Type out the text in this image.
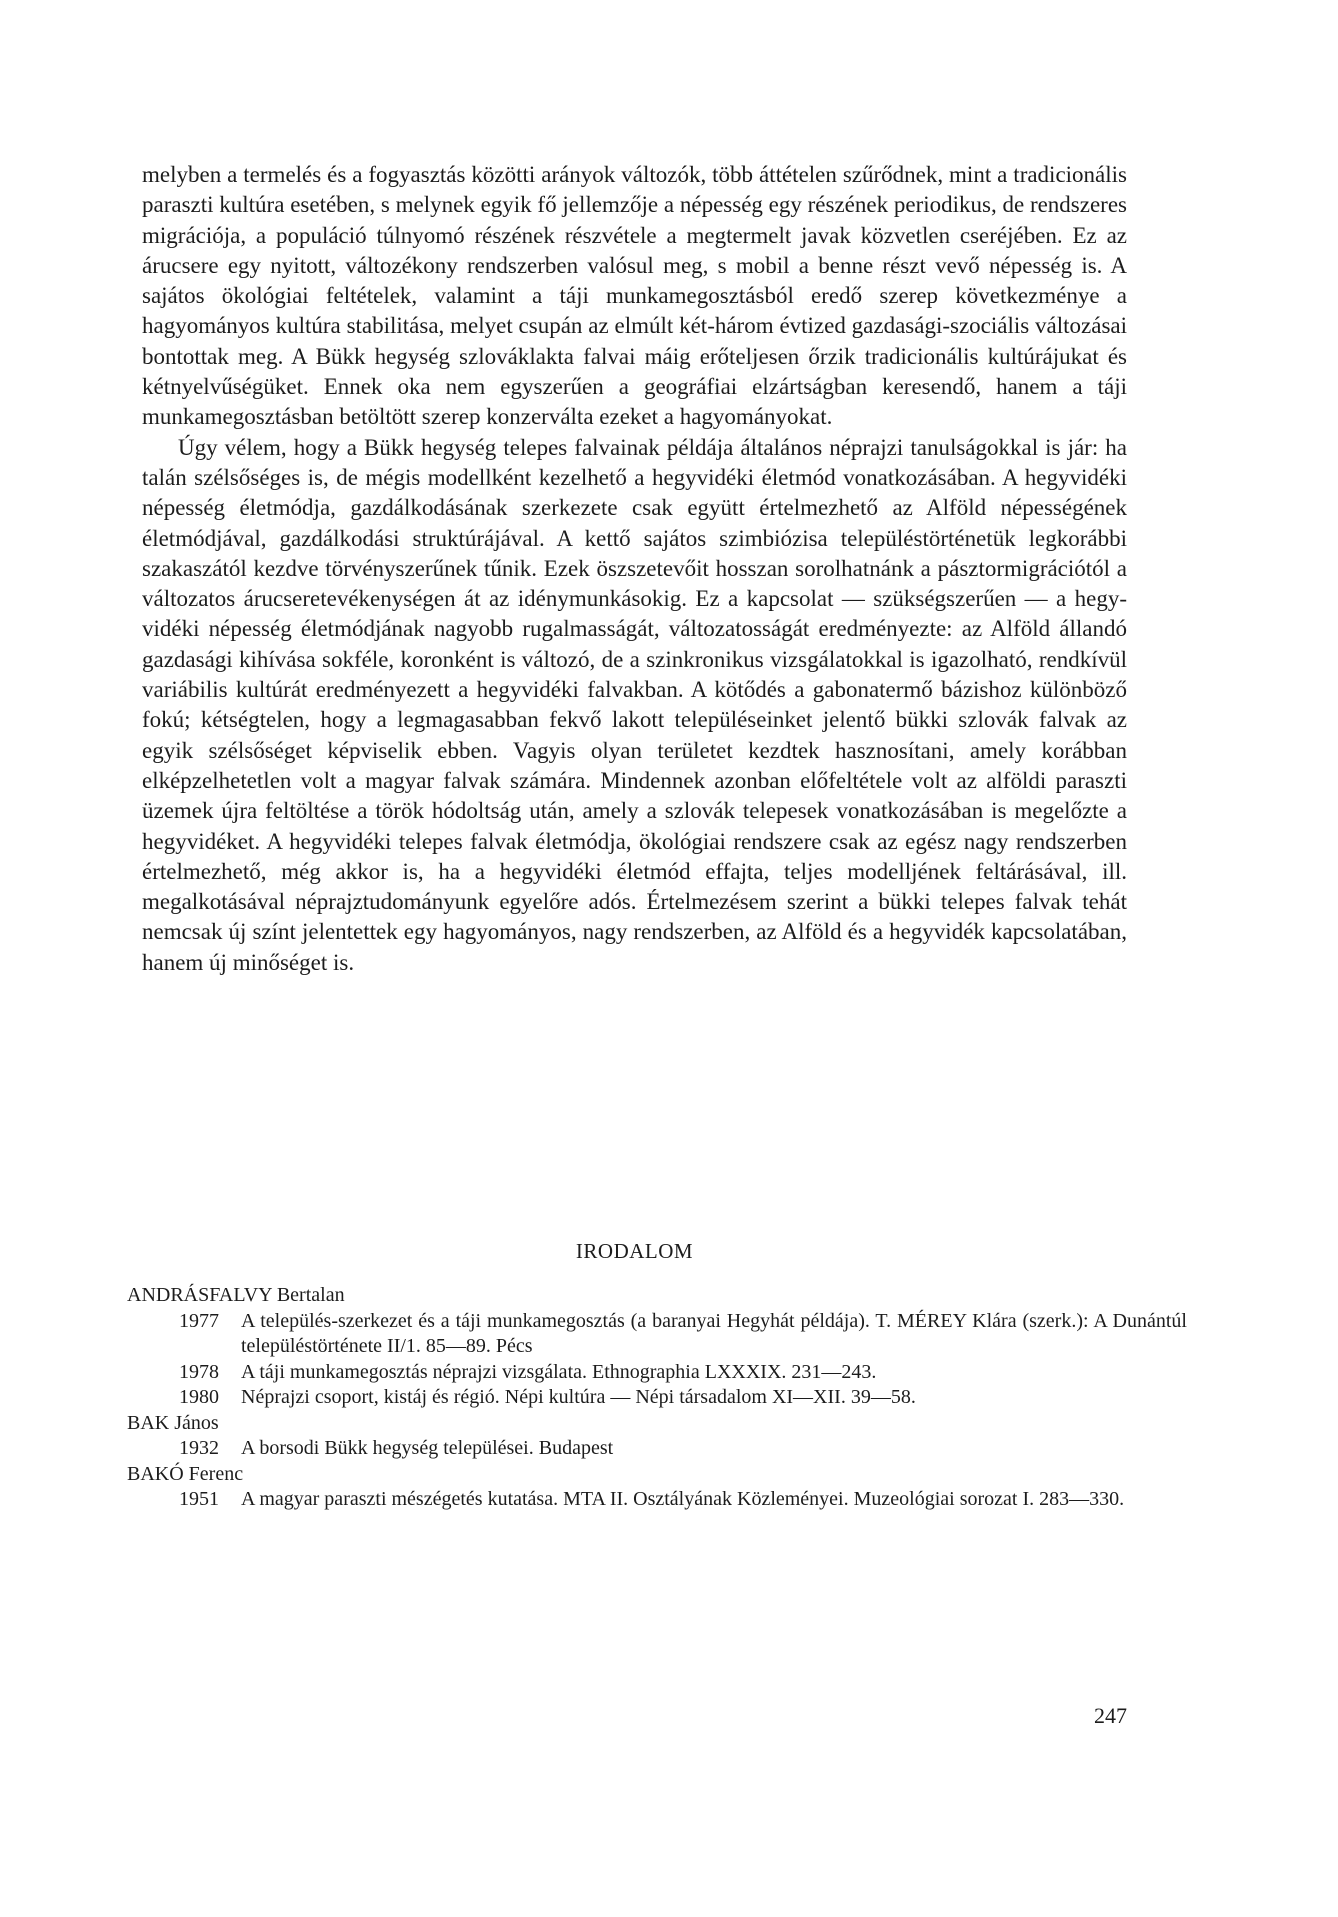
melyben a termelés és a fogyasztás közötti arányok változók, több áttételen szűrődnek, mint a tradicionális paraszti kultúra esetében, s melynek egyik fő jellemzője a népesség egy részének periodikus, de rendszeres migrációja, a populáció túlnyomó részének részvétele a megtermelt javak közvetlen cseréjében. Ez az árucsere egy nyitott, változékony rendszerben valósul meg, s mobil a benne részt vevő népesség is. A sajátos ökológiai feltételek, valamint a táji munkamegosztásból eredő szerep következménye a hagyományos kultúra stabilitása, melyet csupán az elmúlt két-három évtized gazdasági-szociális változásai bontottak meg. A Bükk hegység szlováklakta falvai máig erőteljesen őrzik tradicionális kultúrájukat és kétnyelvűségüket. Ennek oka nem egyszerűen a geográfiai elzártságban keresendő, hanem a táji munkamegosztásban betöltött szerep konzerválta ezeket a hagyományokat.

Úgy vélem, hogy a Bükk hegység telepes falvainak példája általános néprajzi tanulságokkal is jár: ha talán szélsőséges is, de mégis modellként kezelhető a hegyvidéki életmód vonatkozásában. A hegyvidéki népesség életmódja, gazdálkodásának szerkezete csak együtt értelmezhető az Alföld népességének életmódjával, gazdálkodási struktúrájával. A kettő sajátos szimbiózisa településtörténetük legkorábbi szakaszától kezdve törvényszerűnek tűnik. Ezek öszszetevőit hosszan sorolhatnánk a pásztormigrációtól a változatos árucseretevékenységen át az idénymunkásokig. Ez a kapcsolat — szükségszerűen — a hegyvidéki népesség életmódjának nagyobb rugalmasságát, változatosságát eredményezte: az Alföld állandó gazdasági kihívása sokféle, koronként is változó, de a szinkronikus vizsgálatokkal is igazolható, rendkívül variábilis kultúrát eredményezett a hegyvidéki falvakban. A kötődés a gabonatermő bázishoz különböző fokú; kétségtelen, hogy a legmagasabban fekvő lakott településeinket jelentő bükki szlovák falvak az egyik szélsőséget képviselik ebben. Vagyis olyan területet kezdtek hasznosítani, amely korábban elképzelhetetlen volt a magyar falvak számára. Mindennek azonban előfeltétele volt az alföldi paraszti üzemek újra feltöltése a török hódoltság után, amely a szlovák telepesek vonatkozásában is megelőzte a hegyvidéket. A hegyvidéki telepes falvak életmódja, ökológiai rendszere csak az egész nagy rendszerben értelmezhető, még akkor is, ha a hegyvidéki életmód effajta, teljes modelljének feltárásával, ill. megalkotásával néprajztudományunk egyelőre adós. Értelmezésem szerint a bükki telepes falvak tehát nemcsak új színt jelentettek egy hagyományos, nagy rendszerben, az Alföld és a hegyvidék kapcsolatában, hanem új minőséget is.

IRODALOM
ANDRÁSFALVY Bertalan
1977 A település-szerkezet és a táji munkamegosztás (a baranyai Hegyhát példája). T. MÉREY Klára (szerk.): A Dunántúl településtörténete II/1. 85—89. Pécs
1978 A táji munkamegosztás néprajzi vizsgálata. Ethnographia LXXXIX. 231—243.
1980 Néprajzi csoport, kistáj és régió. Népi kultúra — Népi társadalom XI—XII. 39—58.
BAK János
1932 A borsodi Bükk hegység települései. Budapest
BAKÓ Ferenc
1951 A magyar paraszti mészégetés kutatása. MTA II. Osztályának Közleményei. Muzeológiai sorozat I. 283—330.
247
